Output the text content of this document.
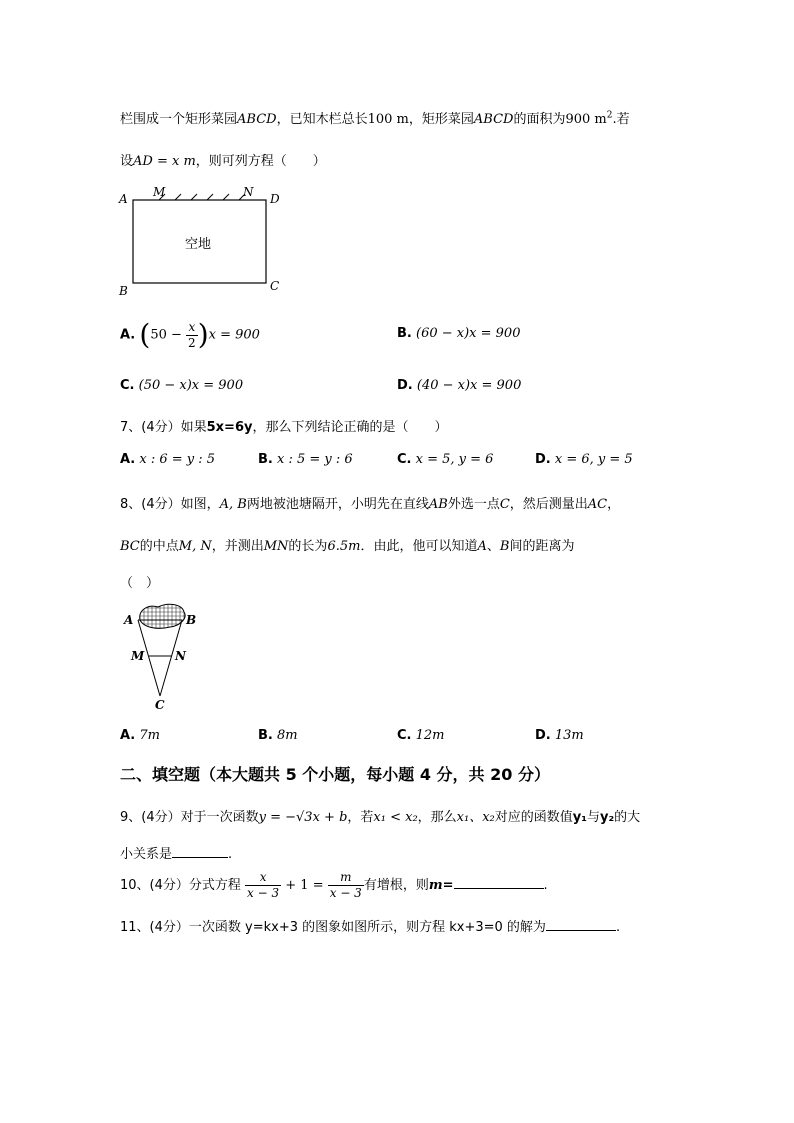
栏围成一个矩形菜园ABCD，已知木栏总长100 m，矩形菜园ABCD的面积为900 $m^2$.若
设AD = x m，则可列方程（　　）
A M	N D
B	C
空地
A. $(50 - \frac{x}{2} )x = 900$	B. (60 − x)x = 900
C. (50 − x)x = 900	D. (40 − x)x = 900
7、(4分）如果5x=6y，那么下列结论正确的是（　　）
A. x : 6 = y : 5	B. x : 5 = y : 6	C. x = 5, y = 6	D. x = 6, y = 5
8、(4分）如图，A, B两地被池塘隔开，小明先在直线AB外选一点C，然后测量出AC，
BC的中点M, N，并测出MN的长为6.5m．由此，他可以知道A、B间的距离为
（　）
A	B
M	N
C
A. 7m	B. 8m	C. 12m	D. 13m
二、填空题（本大题共 5 个小题，每小题 4 分，共 20 分）
9、(4分）对于一次函数y = −√3x + b，若x₁ < x₂，那么x₁、x₂对应的函数值y₁与y₂的大
小关系是	.
10、(4分）分式方程 $\frac{x}{x - 3} + 1 = \frac{m}{x - 3}$ 有增根，则m=	.
11、(4分）一次函数 y=kx+3 的图象如图所示，则方程 kx+3=0 的解为	.
